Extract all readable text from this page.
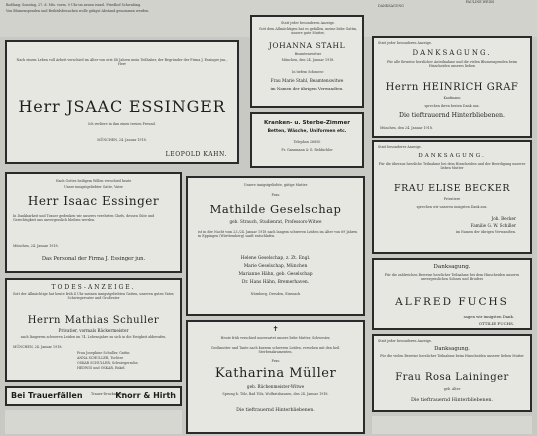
Bodfang: Sonntag, 27. d. Mts. vorm. 9 Uhr im neuen israel. Friedhof Schwabing.
Von Blumenspenden und Beileidsbesuchen wolle gütigst Abstand genommen werden.
DANKSAGUNG
PAULINE WEISS
Nach einem Leben voll Arbeit verschied im Alter von erst 48 Jahren mein Teilhaber, der Begründer der Firma J. Essinger jun., Herr
Herr JSAAC ESSINGER
Ich verliere in ihm einen treuen Freund.
MÜNCHEN, 24. Januar 1918.
LEOPOLD KAHN.
Statt jeder besonderen Anzeige.
Gott dem Allmächtigen hat es gefallen, meine liebe Gattin, unsere gute Mutter,
JOHANNA STAHL
Beamtenswitwe
München, den 24. Januar 1918.
In tiefem Schmerz:
Frau Marie Stahl, Beamtenswitwe
im Namen der übrigen Verwandten.
Kranken- u. Sterbe-Zimmer
Betten, Wäsche, Uniformen etc.
Telephon 26850
Fr. Ganzmann & G. Rehbichler
Nach Gottes heiligem Willen verschied heute
Unser innigstgeliebter Gatte, Vater
Herr Isaac Essinger
In Dankbarkeit und Trauer gedenken wir unseres verehrten Chefs, dessen Güte und Gerechtigkeit uns unvergesslich bleiben werden.
München, 24. Januar 1918.
Das Personal der Firma J. Essinger jun.
Unsere innigstgeliebte, gütige Mutter
Frau
Mathilde Geselschap
geb. Strauch, Studienrat, Professors-Witwe
ist in der Nacht vom 23./24. Januar 1918 nach langem schweren Leiden im Alter von 69 Jahren in Eppingen (Württemberg) sanft entschlafen.
Helene Geselschap, z. Zt. Engl.
Marie Geselschap, München
Marianne Hähn, geb. Geselschap
Dr. Hans Hähn, Bremerhaven.
Nürnberg, Dresden, Eisenach
Statt jeder besonderen Anzeige.
DANKSAGUNG.
Für alle Beweise herzlicher Anteilnahme und die vielen Blumenspenden beim Hinscheiden unseres lieben
Herrn HEINRICH GRAF
Kaufmann
sprechen ihren besten Dank aus.
Die tieftrauernd Hinterbliebenen.
München, den 24. Januar 1918.
Statt besonderer Anzeige.
DANKSAGUNG.
Für die überaus herzliche Teilnahme bei dem Hinscheiden und der Beerdigung unserer lieben Mutter
FRAU ELISE BECKER
Privatiere
sprechen wir unseren innigsten Dank aus.
Joh. Becker
Familie G. W. Schiller
im Namen der übrigen Verwandten.
TODES-ANZEIGE.
Gott der Allmächtige hat heute früh 4 Uhr meinen innigstgeliebten Gatten, unseren guten Vater, Schwiegervater und Großvater
Herrn Mathias Schuller
Privatier, vormals Bäckermeister
nach längerem schweren Leiden im 74. Lebensjahre zu sich in die Ewigkeit abberufen.
MÜNCHEN, 24. Januar 1918.
Frau Josephine Schuller, Gattin
ANNA SCHULLER, Tochter
OSKAR SCHULLER, Schwiegersohn
HEDWIG und OSKAR, Enkel.
✝
Heute früh verschied unerwartet unsere liebe Mutter, Schwester,
Großmutter und Tante nach kurzem schweren Leiden, versehen mit den heil. Sterbesakramenten.
Frau
Katharina Müller
geb. Rüchenmeister-Witwe
Sprung b. Tölz, Bad Tölz, Wolfratshausen, den 24. Januar 1918.
Die tieftrauernd Hinterbliebenen.
Danksagung.
Für die zahlreichen Beweise herzlicher Teilnahme bei dem Hinscheiden unseres unvergesslichen Sohnes und Bruders
ALFRED FUCHS
sagen wir innigsten Dank.
OTTILIE FUCHS.
Statt jeder besonderen Anzeige.
Danksagung.
Für die vielen Beweise herzlicher Teilnahme beim Hinscheiden unserer lieben Mutter
Frau Rosa Laininger
geb. Alter
Die tieftrauernd Hinterbliebenen.
Bei Trauerfällen	Trauer-Drucksachen
Knorr & Hirth
